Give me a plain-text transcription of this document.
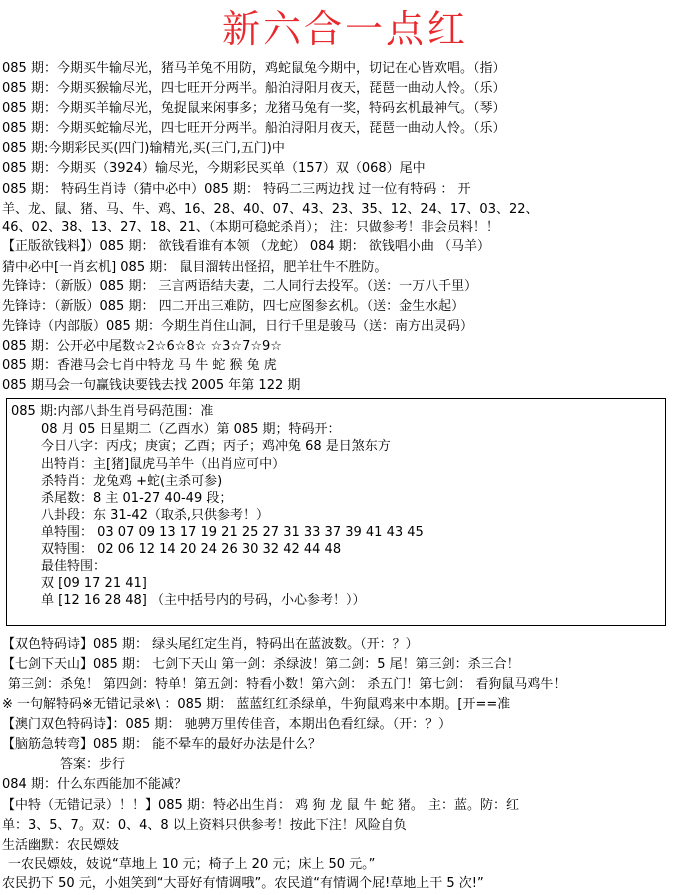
新六合一点红
085 期：今期买牛输尽光，猪马羊兔不用防，鸡蛇鼠兔今期中，切记在心皆欢唱。（指）
085 期：今期买猴输尽光，四七旺开分两半。船泊浔阳月夜天，琵琶一曲动人怜。（乐）
085 期：今期买羊输尽光，兔捉鼠来闲事多；龙猪马兔有一奖，特码玄机最神气。（琴）
085 期：今期买蛇输尽光，四七旺开分两半。船泊浔阳月夜天，琵琶一曲动人怜。（乐）
085 期:今期彩民买(四门)输精光,买(三门,五门)中
085 期：今期买（3924）输尽光，今期彩民买单（157）双（068）尾中
085 期： 特码生肖诗（猜中必中）085 期： 特码二三两边找 过一位有特码 ： 开
羊、龙、鼠、猪、马、牛、鸡、16、28、40、07、43、23、35、12、24、17、03、22、
46、02、38、13、27、18、21、（本期可稳蛇杀肖）； 注：只做参考！非会员料！！
【正版欲钱料】）085 期： 欲钱看谁有本领 （龙蛇） 084 期： 欲钱唱小曲 （马羊）
猜中必中[一肖玄机] 085 期： 鼠目溜转出怪招，肥羊壮牛不胜防。
先锋诗：（新版）085 期： 三言两语结夫妻，二人同行去投军。（送：一万八千里）
先锋诗：（新版）085 期： 四二开出三难防，四七应图参玄机。（送：金生水起）
先锋诗（内部版）085 期：今期生肖住山洞，日行千里是骏马（送：南方出灵码）
085 期：公开必中尾数☆2☆6☆8☆ ☆3☆7☆9☆
085 期：香港马会七肖中特龙 马 牛 蛇 猴 兔 虎
085 期马会一句赢钱诀要钱去找 2005 年第 122 期
085 期:内部八卦生肖号码范围：准
08 月 05 日星期二（乙酉水）第 085 期；特码开：
今日八字：丙戌；庚寅；乙酉；丙子；鸡冲兔 68 是日煞东方
出特肖：主[猪]鼠虎马羊牛（出肖应可中）
杀特肖：龙兔鸡 +蛇(主杀可参)
杀尾数：8 主 01-27 40-49 段；
八卦段：东 31-42（取杀,只供参考！）
单特围： 03 07 09 13 17 19 21 25 27 31 33 37 39 41 43 45
双特围： 02 06 12 14 20 24 26 30 32 42 44 48
最佳特围：
双 [09 17 21 41]
单 [12 16 28 48] （主中括号内的号码，小心参考！））
【双色特码诗】085 期： 绿头尾红定生肖，特码出在蓝波数。（开：？）
【七剑下天山】085 期： 七剑下天山 第一剑：杀绿波！第二剑：5 尾！第三剑：杀三合！
第三剑：杀兔！ 第四剑：特单！第五剑：特看小数！第六剑： 杀五门！第七剑： 看狗鼠马鸡牛！
※ 一句解特码※无错记录※\ ：085 期： 蓝蓝红红杀绿单，牛狗鼠鸡来中本期。[开==准
【澳门双色特码诗】：085 期： 驰骋万里传佳音，本期出色看红绿。（开：？）
【脑筋急转弯】085 期： 能不晕车的最好办法是什么？
答案：步行
084 期：什么东西能加不能减？
【中特（无错记录）！！】085 期：特必出生肖： 鸡 狗 龙 鼠 牛 蛇 猪。 主：蓝。防：红
单：3、5、7。双：0、4、8 以上资料只供参考！按此下注！风险自负
生活幽默：农民嫖妓
一农民嫖妓，妓说“草地上 10 元；椅子上 20 元；床上 50 元。”
农民扔下 50 元，小姐笑到“大哥好有情调哦”。农民道“有情调个屁!草地上干 5 次!”
